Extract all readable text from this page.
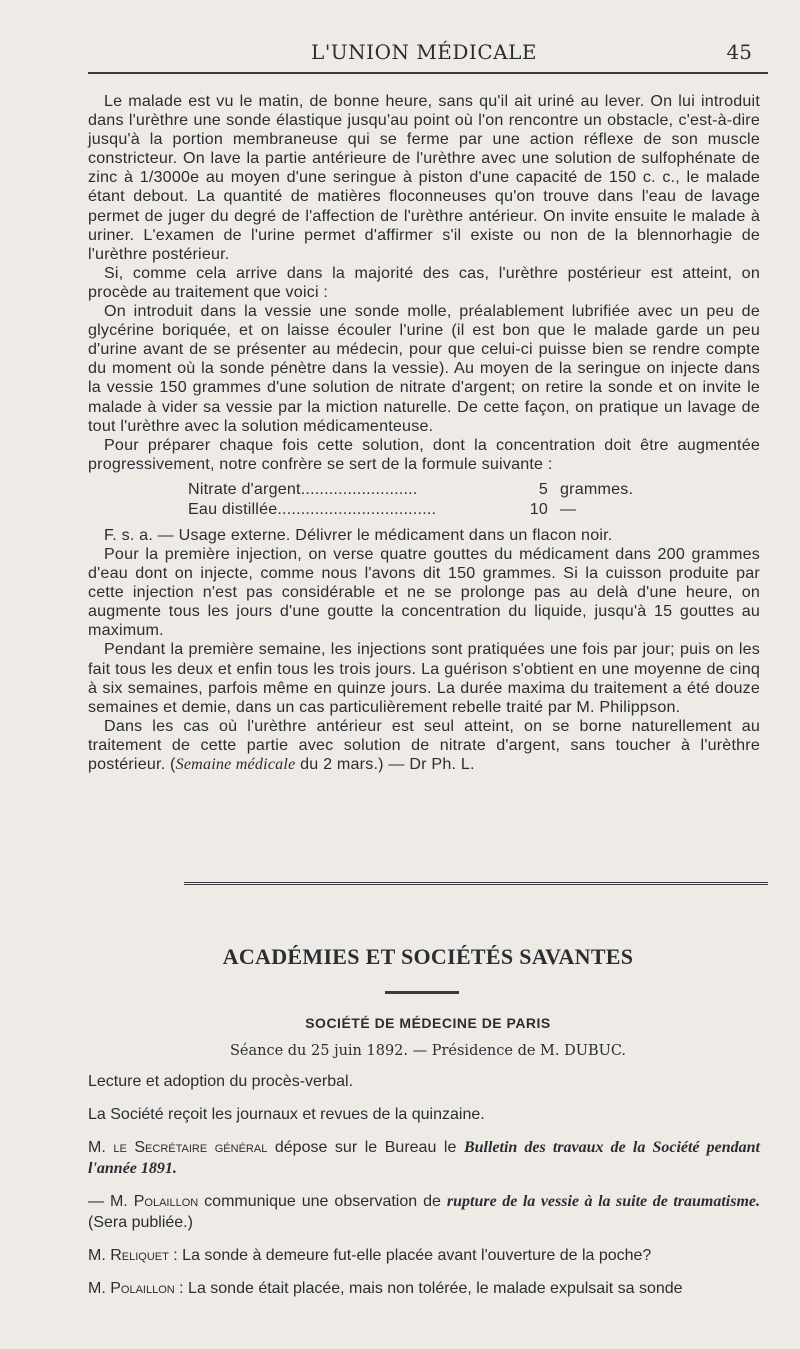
L'UNION MÉDICALE	45

Le malade est vu le matin, de bonne heure, sans qu'il ait uriné au lever. On lui introduit dans l'urèthre une sonde élastique jusqu'au point où l'on rencontre un obstacle, c'est-à-dire jusqu'à la portion membraneuse qui se ferme par une action réflexe de son muscle constricteur. On lave la partie antérieure de l'urèthre avec une solution de sulfophénate de zinc à 1/3000e au moyen d'une seringue à piston d'une capacité de 150 c. c., le malade étant debout. La quantité de matières floconneuses qu'on trouve dans l'eau de lavage permet de juger du degré de l'affection de l'urèthre antérieur. On invite ensuite le malade à uriner. L'examen de l'urine permet d'affirmer s'il existe ou non de la blennorhagie de l'urèthre postérieur.

Si, comme cela arrive dans la majorité des cas, l'urèthre postérieur est atteint, on procède au traitement que voici :

On introduit dans la vessie une sonde molle, préalablement lubrifiée avec un peu de glycérine boriquée, et on laisse écouler l'urine (il est bon que le malade garde un peu d'urine avant de se présenter au médecin, pour que celui-ci puisse bien se rendre compte du moment où la sonde pénètre dans la vessie). Au moyen de la seringue on injecte dans la vessie 150 grammes d'une solution de nitrate d'argent; on retire la sonde et on invite le malade à vider sa vessie par la miction naturelle. De cette façon, on pratique un lavage de tout l'urèthre avec la solution médicamenteuse.

Pour préparer chaque fois cette solution, dont la concentration doit être augmentée progressivement, notre confrère se sert de la formule suivante :

Nitrate d'argent.........................	5 grammes.
Eau distillée..................................	10 —

F. s. a. — Usage externe. Délivrer le médicament dans un flacon noir.

Pour la première injection, on verse quatre gouttes du médicament dans 200 grammes d'eau dont on injecte, comme nous l'avons dit 150 grammes. Si la cuisson produite par cette injection n'est pas considérable et ne se prolonge pas au delà d'une heure, on augmente tous les jours d'une goutte la concentration du liquide, jusqu'à 15 gouttes au maximum.

Pendant la première semaine, les injections sont pratiquées une fois par jour; puis on les fait tous les deux et enfin tous les trois jours. La guérison s'obtient en une moyenne de cinq à six semaines, parfois même en quinze jours. La durée maxima du traitement a été douze semaines et demie, dans un cas particulièrement rebelle traité par M. Philippson.

Dans les cas où l'urèthre antérieur est seul atteint, on se borne naturellement au traitement de cette partie avec solution de nitrate d'argent, sans toucher à l'urèthre postérieur. (Semaine médicale du 2 mars.) — Dr Ph. L.

ACADÉMIES ET SOCIÉTÉS SAVANTES
SOCIÉTÉ DE MÉDECINE DE PARIS
Séance du 25 juin 1892. — Présidence de M. DUBUC.

Lecture et adoption du procès-verbal.

La Société reçoit les journaux et revues de la quinzaine.

M. le Secrétaire général dépose sur le Bureau le Bulletin des travaux de la Société pendant l'année 1891.

— M. Polaillon communique une observation de rupture de la vessie à la suite de traumatisme. (Sera publiée.)

M. Reliquet : La sonde à demeure fut-elle placée avant l'ouverture de la poche?

M. Polaillon : La sonde était placée, mais non tolérée, le malade expulsait sa sonde
